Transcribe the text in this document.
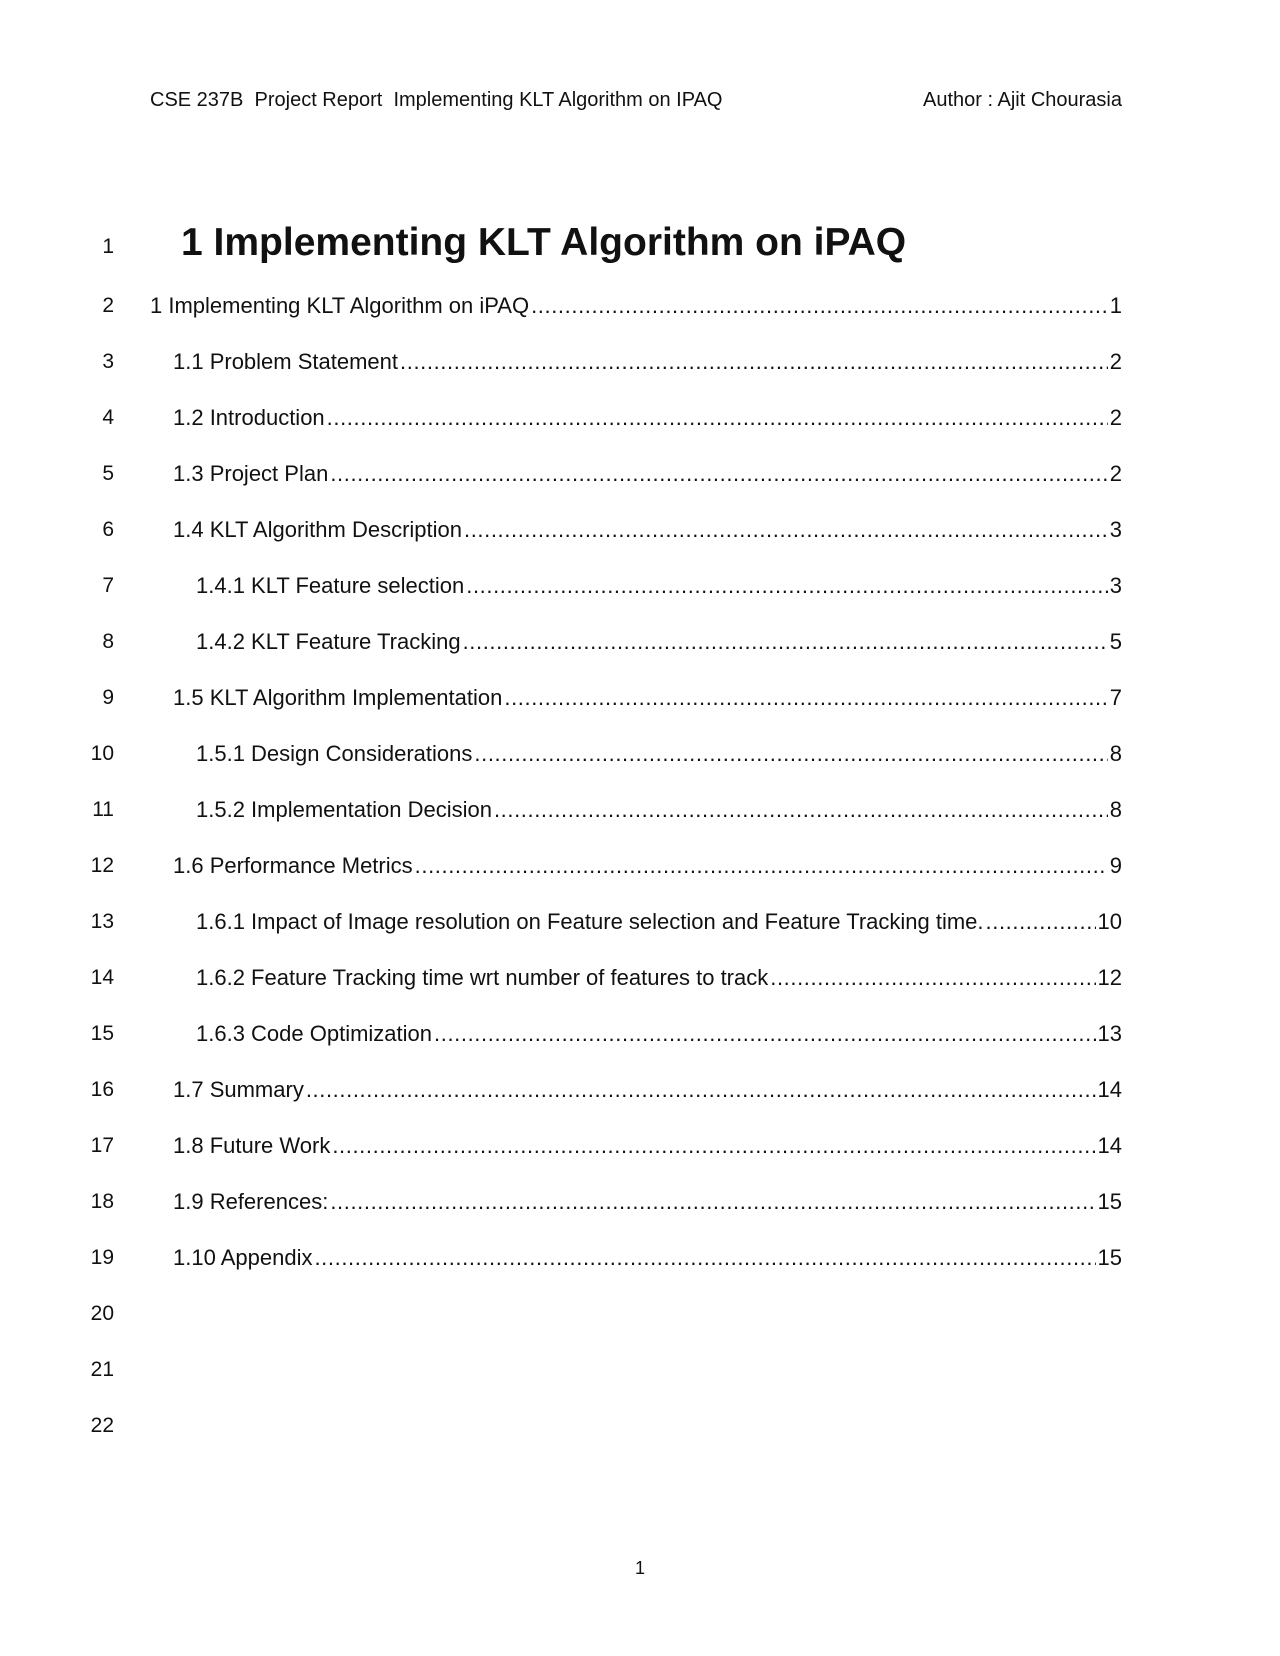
CSE 237B  Project Report  Implementing KLT Algorithm on IPAQ	Author : Ajit Chourasia
1
2
3
4
5
6
7
8
9
10
11
12
13
14
15
16
17
18
19
20
21
22
1 Implementing KLT Algorithm on iPAQ
1 Implementing KLT Algorithm on iPAQ .....	1
1.1 Problem Statement .....	2
1.2 Introduction .....	2
1.3 Project Plan .....	2
1.4 KLT Algorithm Description .....	3
1.4.1 KLT Feature selection .....	3
1.4.2 KLT Feature Tracking .....	5
1.5 KLT Algorithm Implementation .....	7
1.5.1 Design Considerations .....	8
1.5.2 Implementation Decision .....	8
1.6 Performance Metrics .....	9
1.6.1 Impact of Image resolution on Feature selection and Feature Tracking time. .....	10
1.6.2 Feature Tracking time wrt number of features to track .....	12
1.6.3 Code Optimization .....	13
1.7 Summary .....	14
1.8 Future Work .....	14
1.9 References: .....	15
1.10 Appendix .....	15
1
